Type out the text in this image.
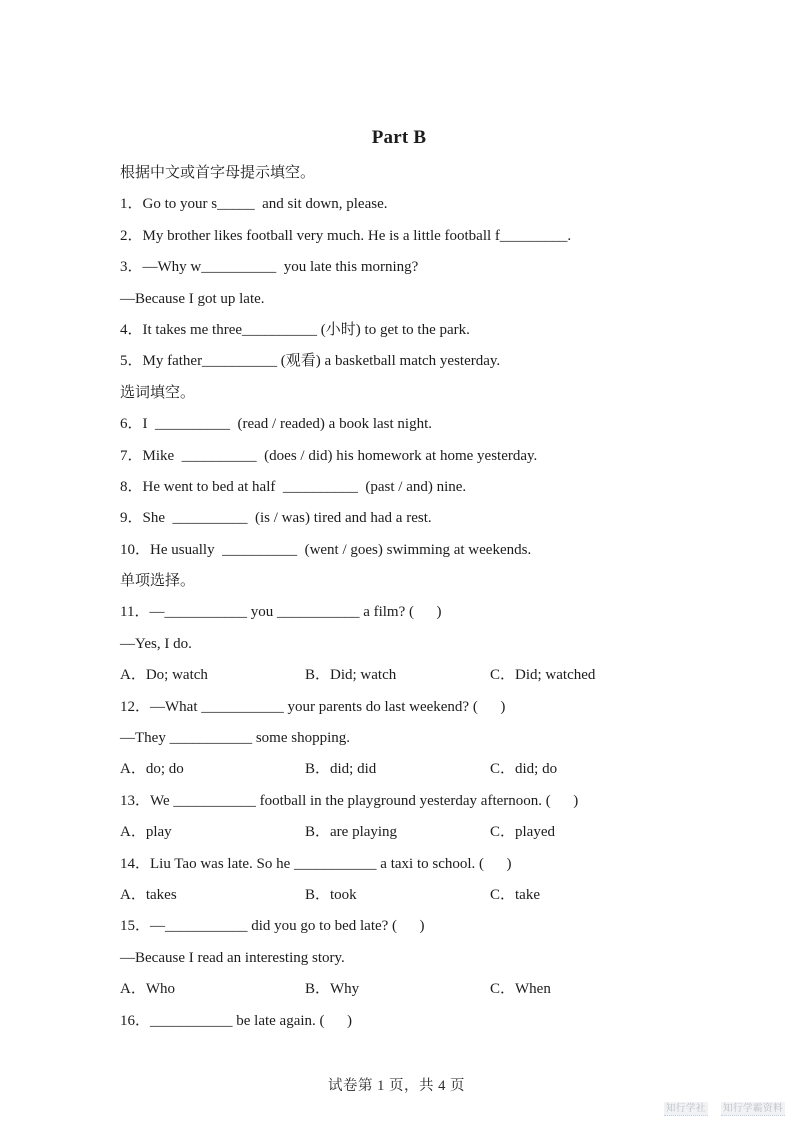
Part B
根据中文或首字母提示填空。
1．Go to your s_____  and sit down, please.
2．My brother likes football very much. He is a little football f_________.
3．—Why w__________  you late this morning?
—Because I got up late.
4．It takes me three__________ (小时) to get to the park.
5．My father__________ (观看) a basketball match yesterday.
选词填空。
6．I  __________  (read / readed) a book last night.
7．Mike  __________  (does / did) his homework at home yesterday.
8．He went to bed at half  __________  (past / and) nine.
9．She  __________  (is / was) tired and had a rest.
10．He usually  __________  (went / goes) swimming at weekends.
单项选择。
11．—___________ you ___________ a film? (      )
—Yes, I do.
A．Do; watch	B．Did; watch	C．Did; watched
12．—What ___________ your parents do last weekend? (      )
—They ___________ some shopping.
A．do; do	B．did; did	C．did; do
13．We ___________ football in the playground yesterday afternoon. (      )
A．play	B．are playing	C．played
14．Liu Tao was late. So he ___________ a taxi to school. (      )
A．takes	B．took	C．take
15．—___________ did you go to bed late? (      )
—Because I read an interesting story.
A．Who	B．Why	C．When
16．___________ be late again. (      )
试卷第 1 页，共 4 页
知行学社 知行学霸资料
